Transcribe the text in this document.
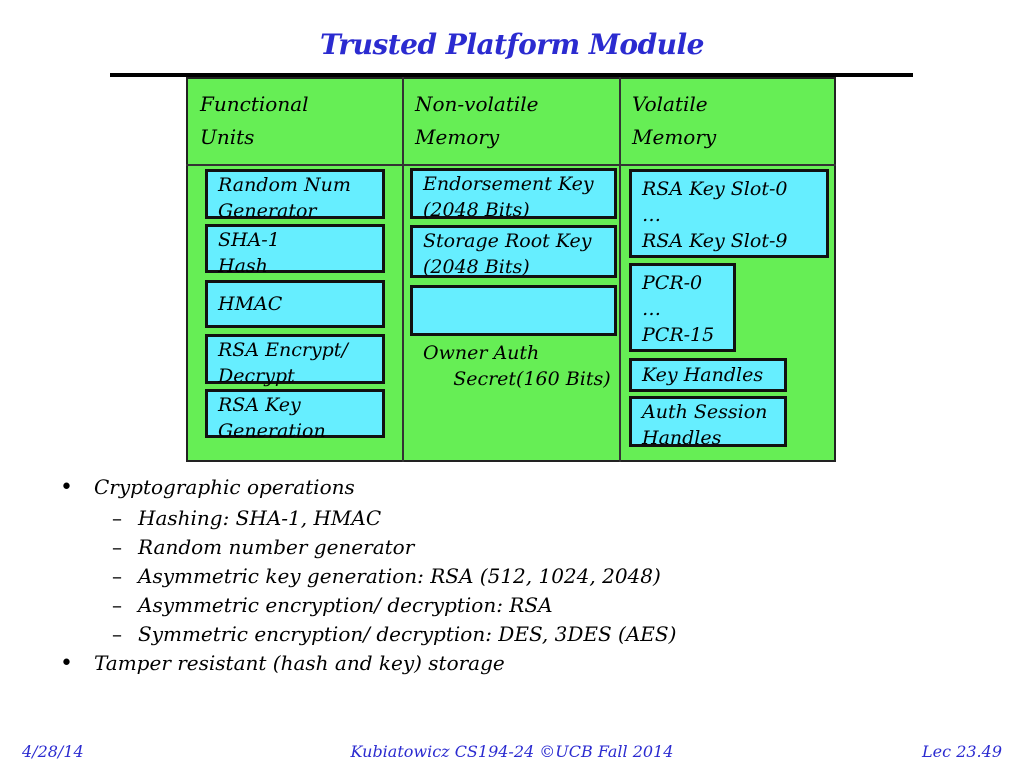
Trusted Platform Module
Functional
Units
Non-volatile
Memory
Volatile
Memory
Random Num
Generator
SHA-1
Hash
HMAC
RSA Encrypt/
Decrypt
RSA Key
Generation
Endorsement Key
(2048 Bits)
Storage Root Key
(2048 Bits)

Owner Auth
Secret(160 Bits)

RSA Key Slot-0
…
RSA Key Slot-9
PCR-0
…
PCR-15
Key Handles
Auth Session
Handles
• Cryptographic operations
– Hashing: SHA-1, HMAC
– Random number generator
– Asymmetric key generation: RSA (512, 1024, 2048)
– Asymmetric encryption/ decryption: RSA
– Symmetric encryption/ decryption: DES, 3DES (AES)
• Tamper resistant (hash and key) storage
4/28/14	Kubiatowicz CS194-24 ©UCB Fall 2014	Lec 23.49
